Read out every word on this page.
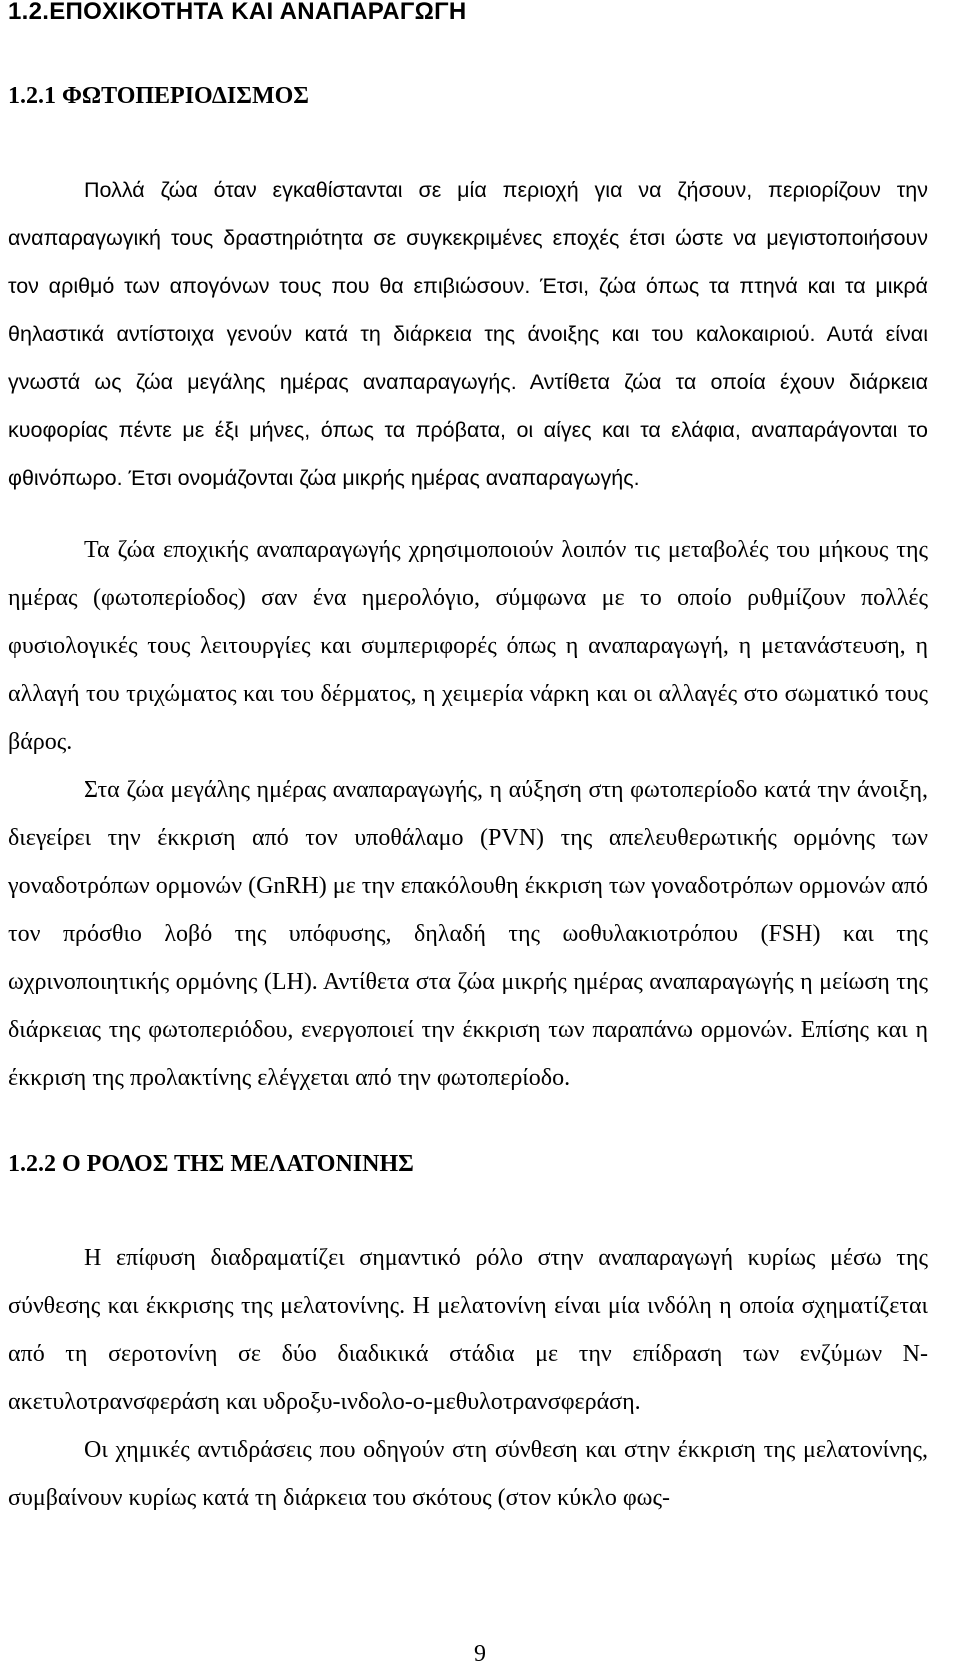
1.2.ΕΠΟΧΙΚΟΤΗΤΑ ΚΑΙ ΑΝΑΠΑΡΑΓΩΓΗ
1.2.1 ΦΩΤΟΠΕΡΙΟΔΙΣΜΟΣ

Πολλά ζώα όταν εγκαθίστανται σε μία περιοχή για να ζήσουν, περιορίζουν την αναπαραγωγική τους δραστηριότητα σε συγκεκριμένες εποχές έτσι ώστε να μεγιστοποιήσουν τον αριθμό των απογόνων τους που θα επιβιώσουν. Έτσι, ζώα όπως τα πτηνά και τα μικρά θηλαστικά αντίστοιχα γενούν κατά τη διάρκεια της άνοιξης και του καλοκαιριού. Αυτά είναι γνωστά ως ζώα μεγάλης ημέρας αναπαραγωγής. Αντίθετα ζώα τα οποία έχουν διάρκεια κυοφορίας πέντε με έξι μήνες, όπως τα πρόβατα, οι αίγες και τα ελάφια, αναπαράγονται το φθινόπωρο. Έτσι ονομάζονται ζώα μικρής ημέρας αναπαραγωγής.

Τα ζώα εποχικής αναπαραγωγής χρησιμοποιούν λοιπόν τις μεταβολές του μήκους της ημέρας (φωτοπερίοδος) σαν ένα ημερολόγιο, σύμφωνα με το οποίο ρυθμίζουν πολλές φυσιολογικές τους λειτουργίες και συμπεριφορές όπως η αναπαραγωγή, η μετανάστευση, η αλλαγή του τριχώματος και του δέρματος, η χειμερία νάρκη και οι αλλαγές στο σωματικό τους βάρος.

Στα ζώα μεγάλης ημέρας αναπαραγωγής, η αύξηση στη φωτοπερίοδο κατά την άνοιξη, διεγείρει την έκκριση από τον υποθάλαμο (PVN) της απελευθερωτικής ορμόνης των γοναδοτρόπων ορμονών (GnRH) με την επακόλουθη έκκριση των γοναδοτρόπων ορμονών από τον πρόσθιο λοβό της υπόφυσης, δηλαδή της ωοθυλακιοτρόπου (FSH) και της ωχρινοποιητικής ορμόνης (LH). Αντίθετα στα ζώα μικρής ημέρας αναπαραγωγής η μείωση της διάρκειας της φωτοπεριόδου, ενεργοποιεί την έκκριση των παραπάνω ορμονών. Επίσης και η έκκριση της προλακτίνης ελέγχεται από την φωτοπερίοδο.

1.2.2 Ο ΡΟΛΟΣ ΤΗΣ ΜΕΛΑΤΟΝΙΝΗΣ

Η επίφυση διαδραματίζει σημαντικό ρόλο στην αναπαραγωγή κυρίως μέσω της σύνθεσης και έκκρισης της μελατονίνης. Η μελατονίνη είναι μία ινδόλη η οποία σχηματίζεται από τη σεροτονίνη σε δύο διαδικικά στάδια με την επίδραση των ενζύμων N-ακετυλοτρανσφεράση και υδροξυ-ινδολο-ο-μεθυλοτρανσφεράση.

Οι χημικές αντιδράσεις που οδηγούν στη σύνθεση και στην έκκριση της μελατονίνης, συμβαίνουν κυρίως κατά τη διάρκεια του σκότους (στον κύκλο φως-

9
